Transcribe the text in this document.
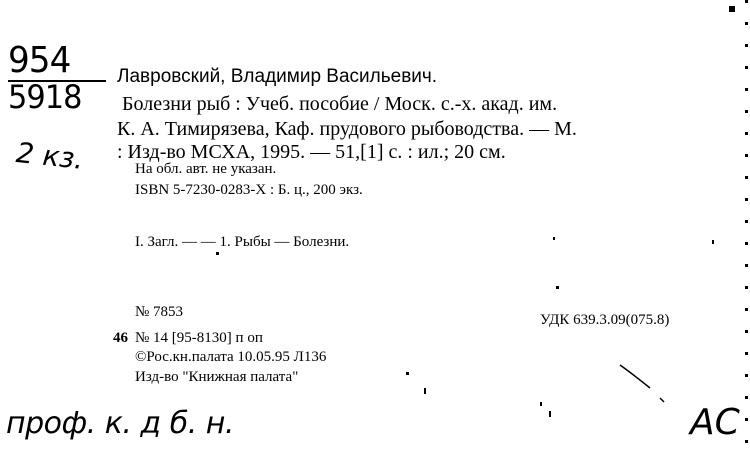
954
5918
2 кз.
Лавровский, Владимир Васильевич.
Болезни рыб : Учеб. пособие / Моск. с.-х. акад. им.
К. А. Тимирязева, Каф. прудового рыбоводства. — М.
: Изд-во МСХА, 1995. — 51,[1] с. : ил.; 20 см.
На обл. авт. не указан.
ISBN 5-7230-0283-X : Б. ц., 200 экз.
I. Загл. — — 1. Рыбы — Болезни.
№ 7853	УДК 639.3.09(075.8)
46 № 14 [95-8130] п оп
©Рос.кн.палата 10.05.95 Л136
Изд-во "Книжная палата"
проф. к. д б. н.	АС
